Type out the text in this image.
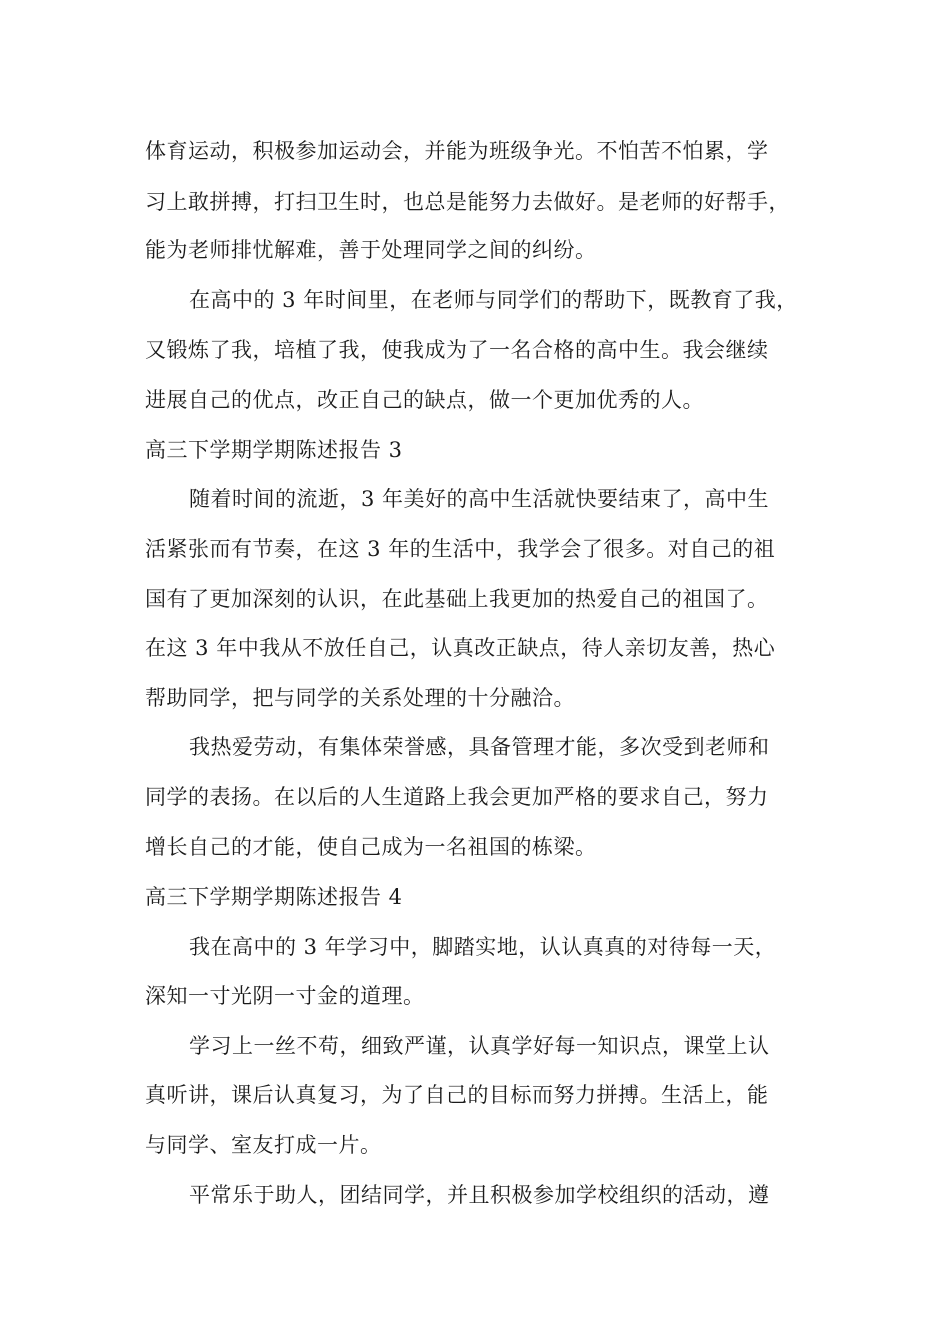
体育运动，积极参加运动会，并能为班级争光。不怕苦不怕累，学
习上敢拼搏，打扫卫生时，也总是能努力去做好。是老师的好帮手，
能为老师排忧解难，善于处理同学之间的纠纷。
在高中的 3 年时间里，在老师与同学们的帮助下，既教育了我，
又锻炼了我，培植了我，使我成为了一名合格的高中生。我会继续
进展自己的优点，改正自己的缺点，做一个更加优秀的人。
高三下学期学期陈述报告 3
随着时间的流逝，3 年美好的高中生活就快要结束了，高中生
活紧张而有节奏，在这 3 年的生活中，我学会了很多。对自己的祖
国有了更加深刻的认识，在此基础上我更加的热爱自己的祖国了。
在这 3 年中我从不放任自己，认真改正缺点，待人亲切友善，热心
帮助同学，把与同学的关系处理的十分融洽。
我热爱劳动，有集体荣誉感，具备管理才能，多次受到老师和
同学的表扬。在以后的人生道路上我会更加严格的要求自己，努力
增长自己的才能，使自己成为一名祖国的栋梁。
高三下学期学期陈述报告 4
我在高中的 3 年学习中，脚踏实地，认认真真的对待每一天，
深知一寸光阴一寸金的道理。
学习上一丝不苟，细致严谨，认真学好每一知识点，课堂上认
真听讲，课后认真复习，为了自己的目标而努力拼搏。生活上，能
与同学、室友打成一片。
平常乐于助人，团结同学，并且积极参加学校组织的活动，遵
